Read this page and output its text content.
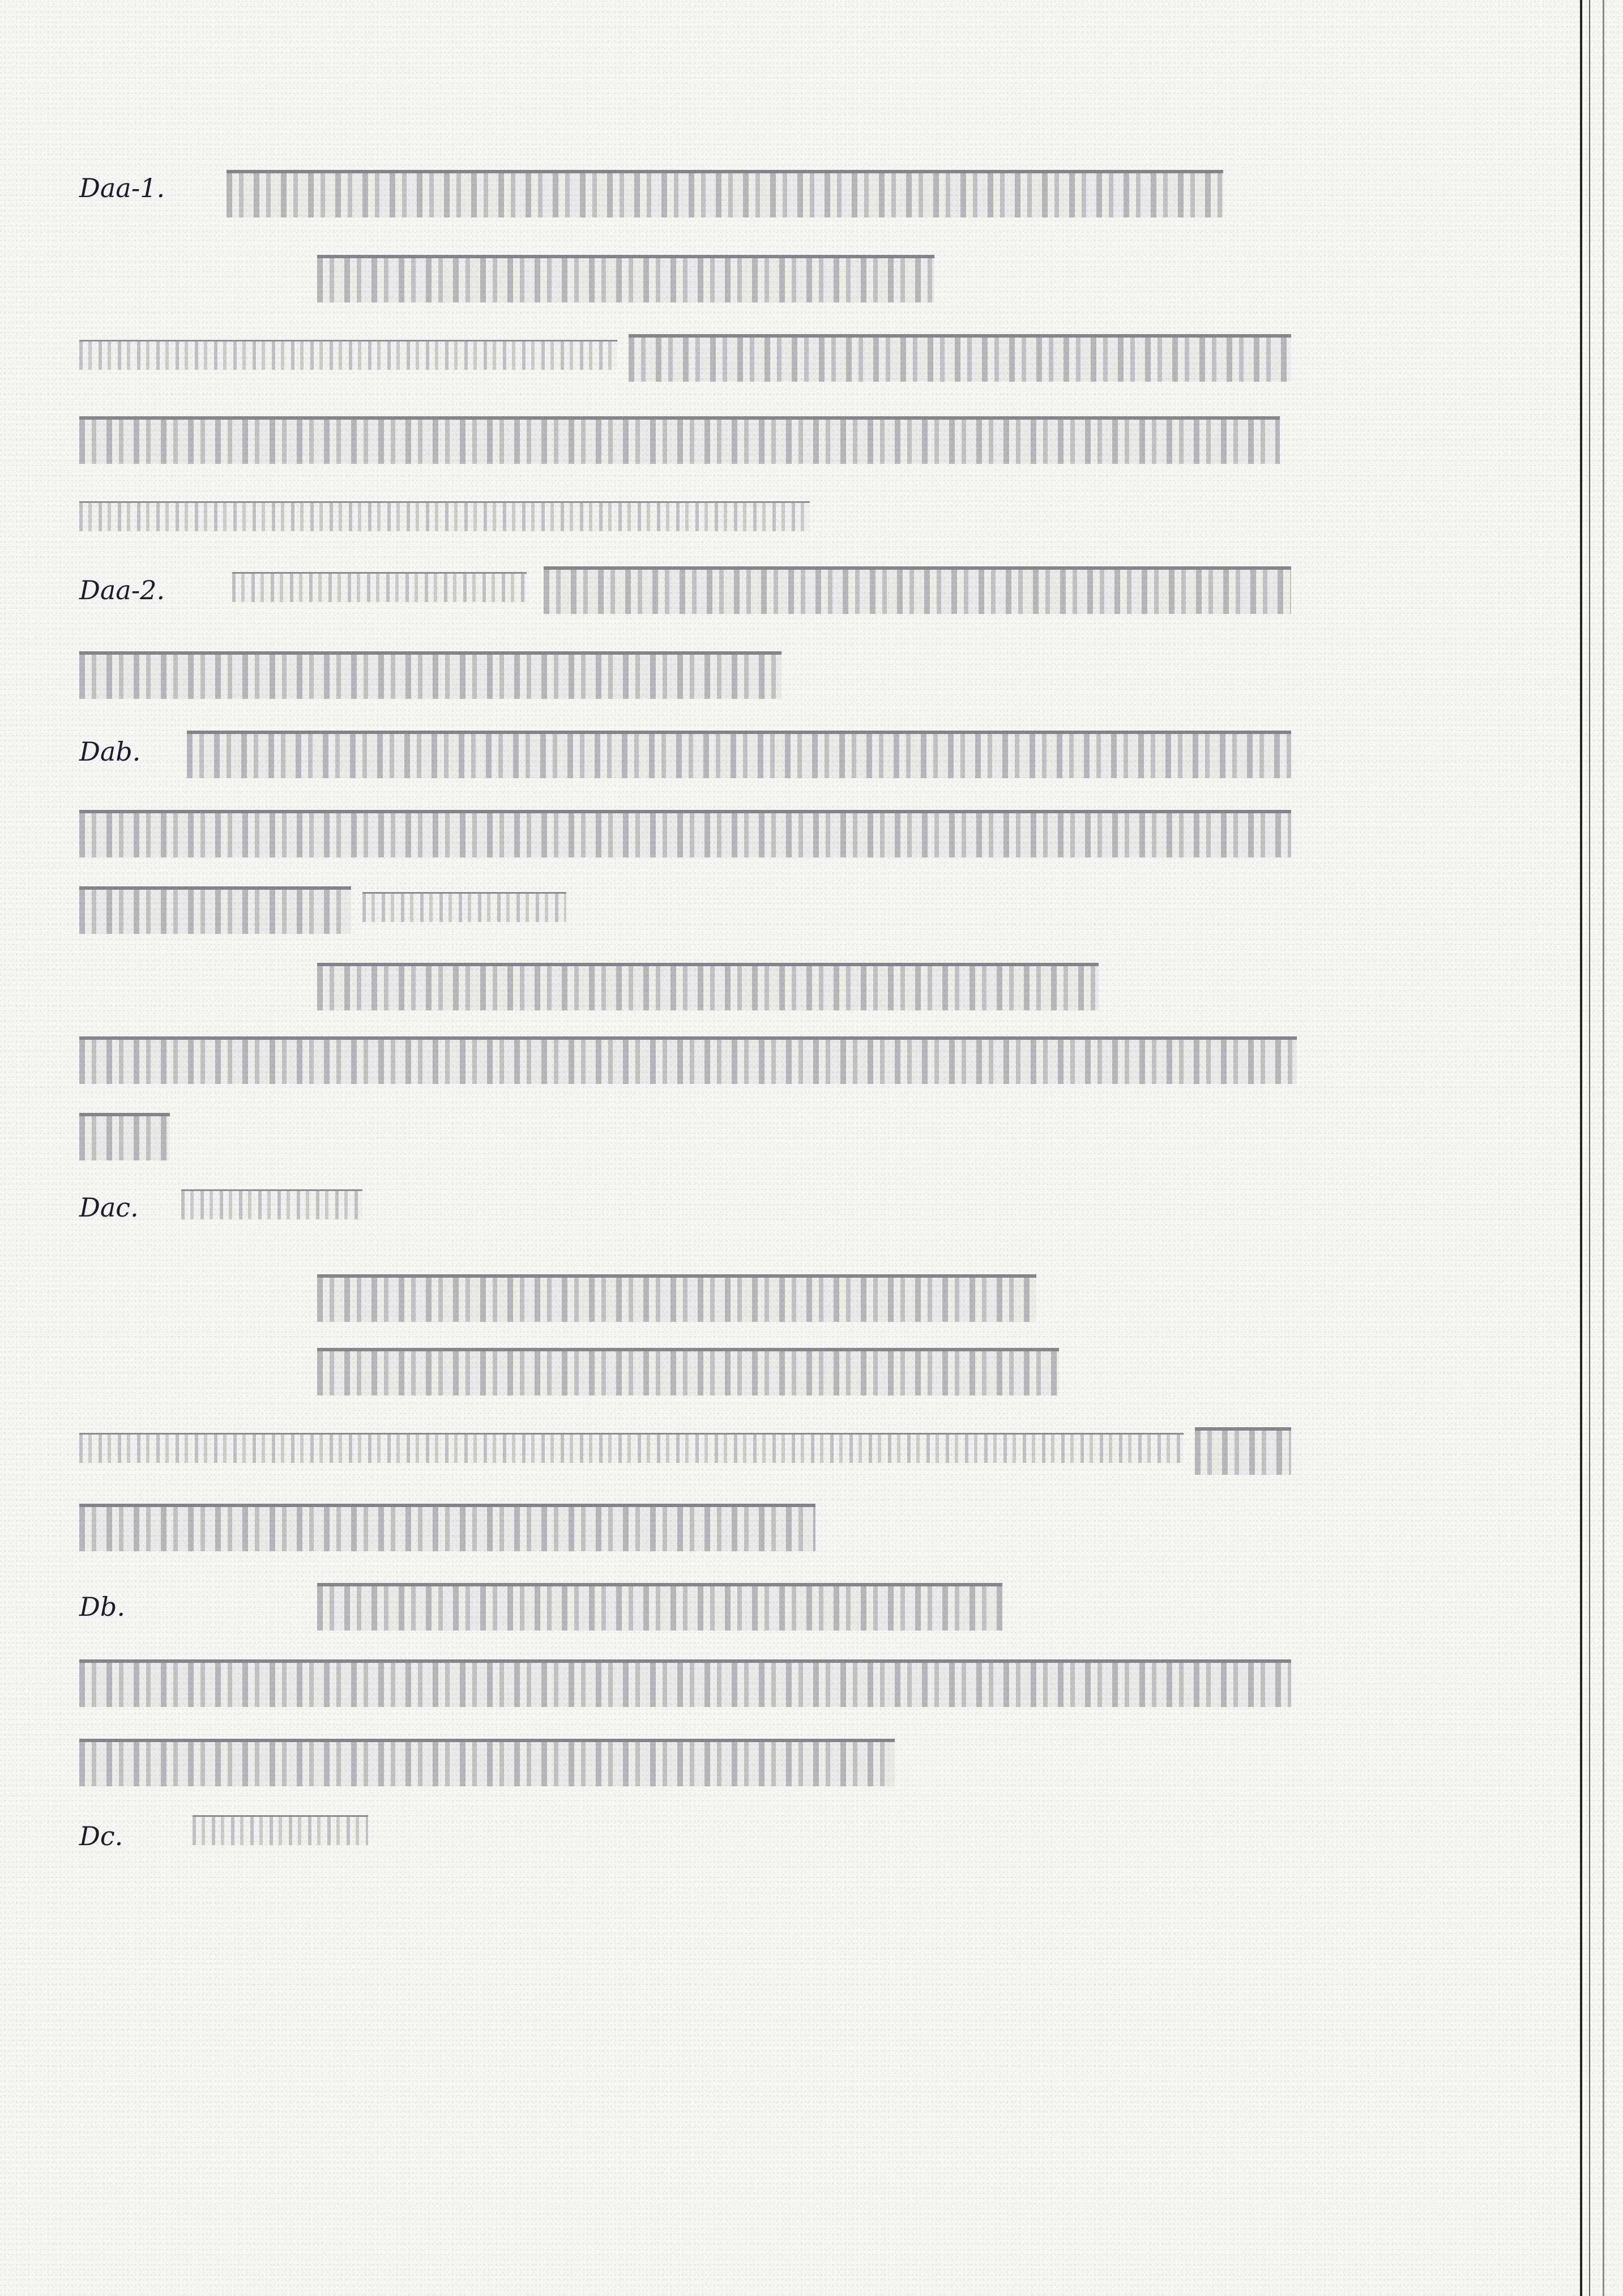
Daa-1.
Daa-2.
Dab.
Dac.
Db.
Dc.
